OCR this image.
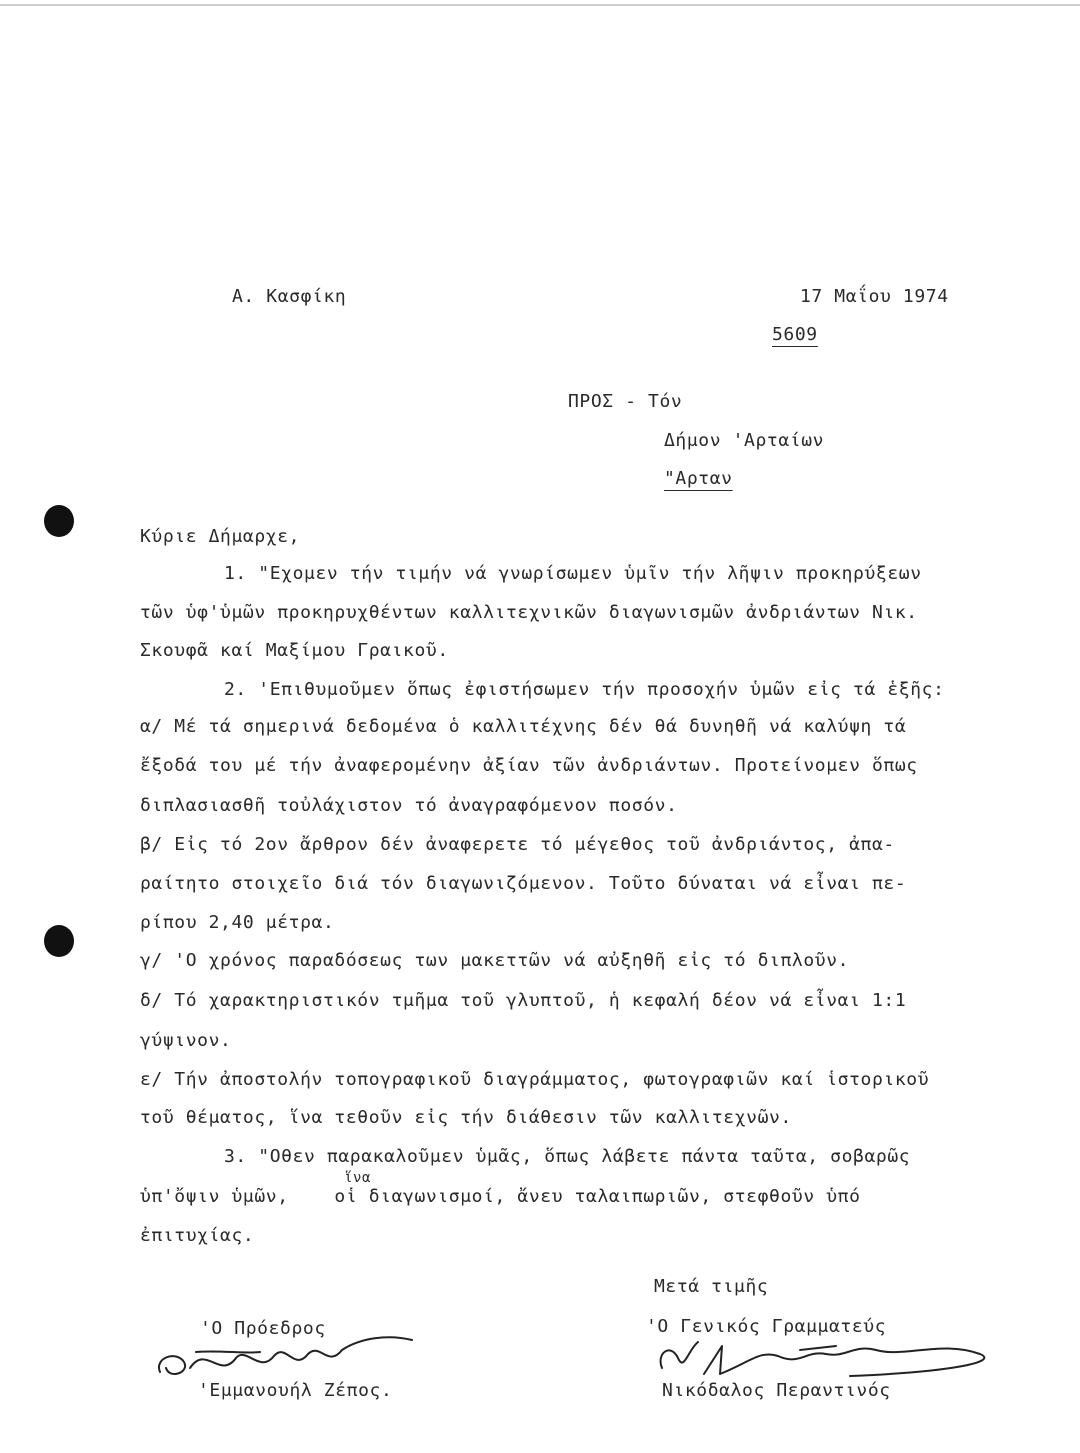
Α. Κασφίκη	17 Μαΐου 1974
5609
ΠΡΟΣ - Τόν
Δήμον 'Αρταίων
"Αρταν
Κύριε Δήμαρχε,
1. "Εχομεν τήν τιμήν νά γνωρίσωμεν ὑμῖν τήν λῆψιν προκηρύξεων
τῶν ὑφ'ὑμῶν προκηρυχθέντων καλλιτεχνικῶν διαγωνισμῶν ἀνδριάντων Νικ.
Σκουφᾶ καί Μαξίμου Γραικοῦ.
2. 'Επιθυμοῦμεν ὅπως ἐφιστήσωμεν τήν προσοχήν ὑμῶν εἰς τά ἑξῆς:
α/ Μέ τά σημερινά δεδομένα ὁ καλλιτέχνης δέν θά δυνηθῆ νά καλύψη τά
ἔξοδά του μέ τήν ἀναφερομένην ἀξίαν τῶν ἀνδριάντων. Προτείνομεν ὅπως
διπλασιασθῆ τοὐλάχιστον τό ἀναγραφόμενον ποσόν.
β/ Εἰς τό 2ον ἄρθρον δέν ἀναφερετε τό μέγεθος τοῦ ἀνδριάντος, ἀπα-
ραίτητο στοιχεῖο διά τόν διαγωνιζόμενον. Τοῦτο δύναται νά εἶναι πε-
ρίπου 2,40 μέτρα.
γ/ 'Ο χρόνος παραδόσεως των μακεττῶν νά αὐξηθῆ εἰς τό διπλοῦν.
δ/ Τό χαρακτηριστικόν τμῆμα τοῦ γλυπτοῦ, ἡ κεφαλή δέον νά εἶναι 1:1
γύψινον.
ε/ Τήν ἀποστολήν τοπογραφικοῦ διαγράμματος, φωτογραφιῶν καί ἱστορικοῦ
τοῦ θέματος, ἵνα τεθοῦν εἰς τήν διάθεσιν τῶν καλλιτεχνῶν.
3. "Οθεν παρακαλοῦμεν ὑμᾶς, ὅπως λάβετε πάντα ταῦτα, σοβαρῶς
ἵνα
ὑπ'ὄψιν ὑμῶν,    οἱ διαγωνισμοί, ἄνευ ταλαιπωριῶν, στεφθοῦν ὑπό
ἐπιτυχίας.
Μετά τιμῆς
'Ο Πρόεδρος	'Ο Γενικός Γραμματεύς
'Εμμανουήλ Ζέπος.	Νικόδαλος Περαντινός
